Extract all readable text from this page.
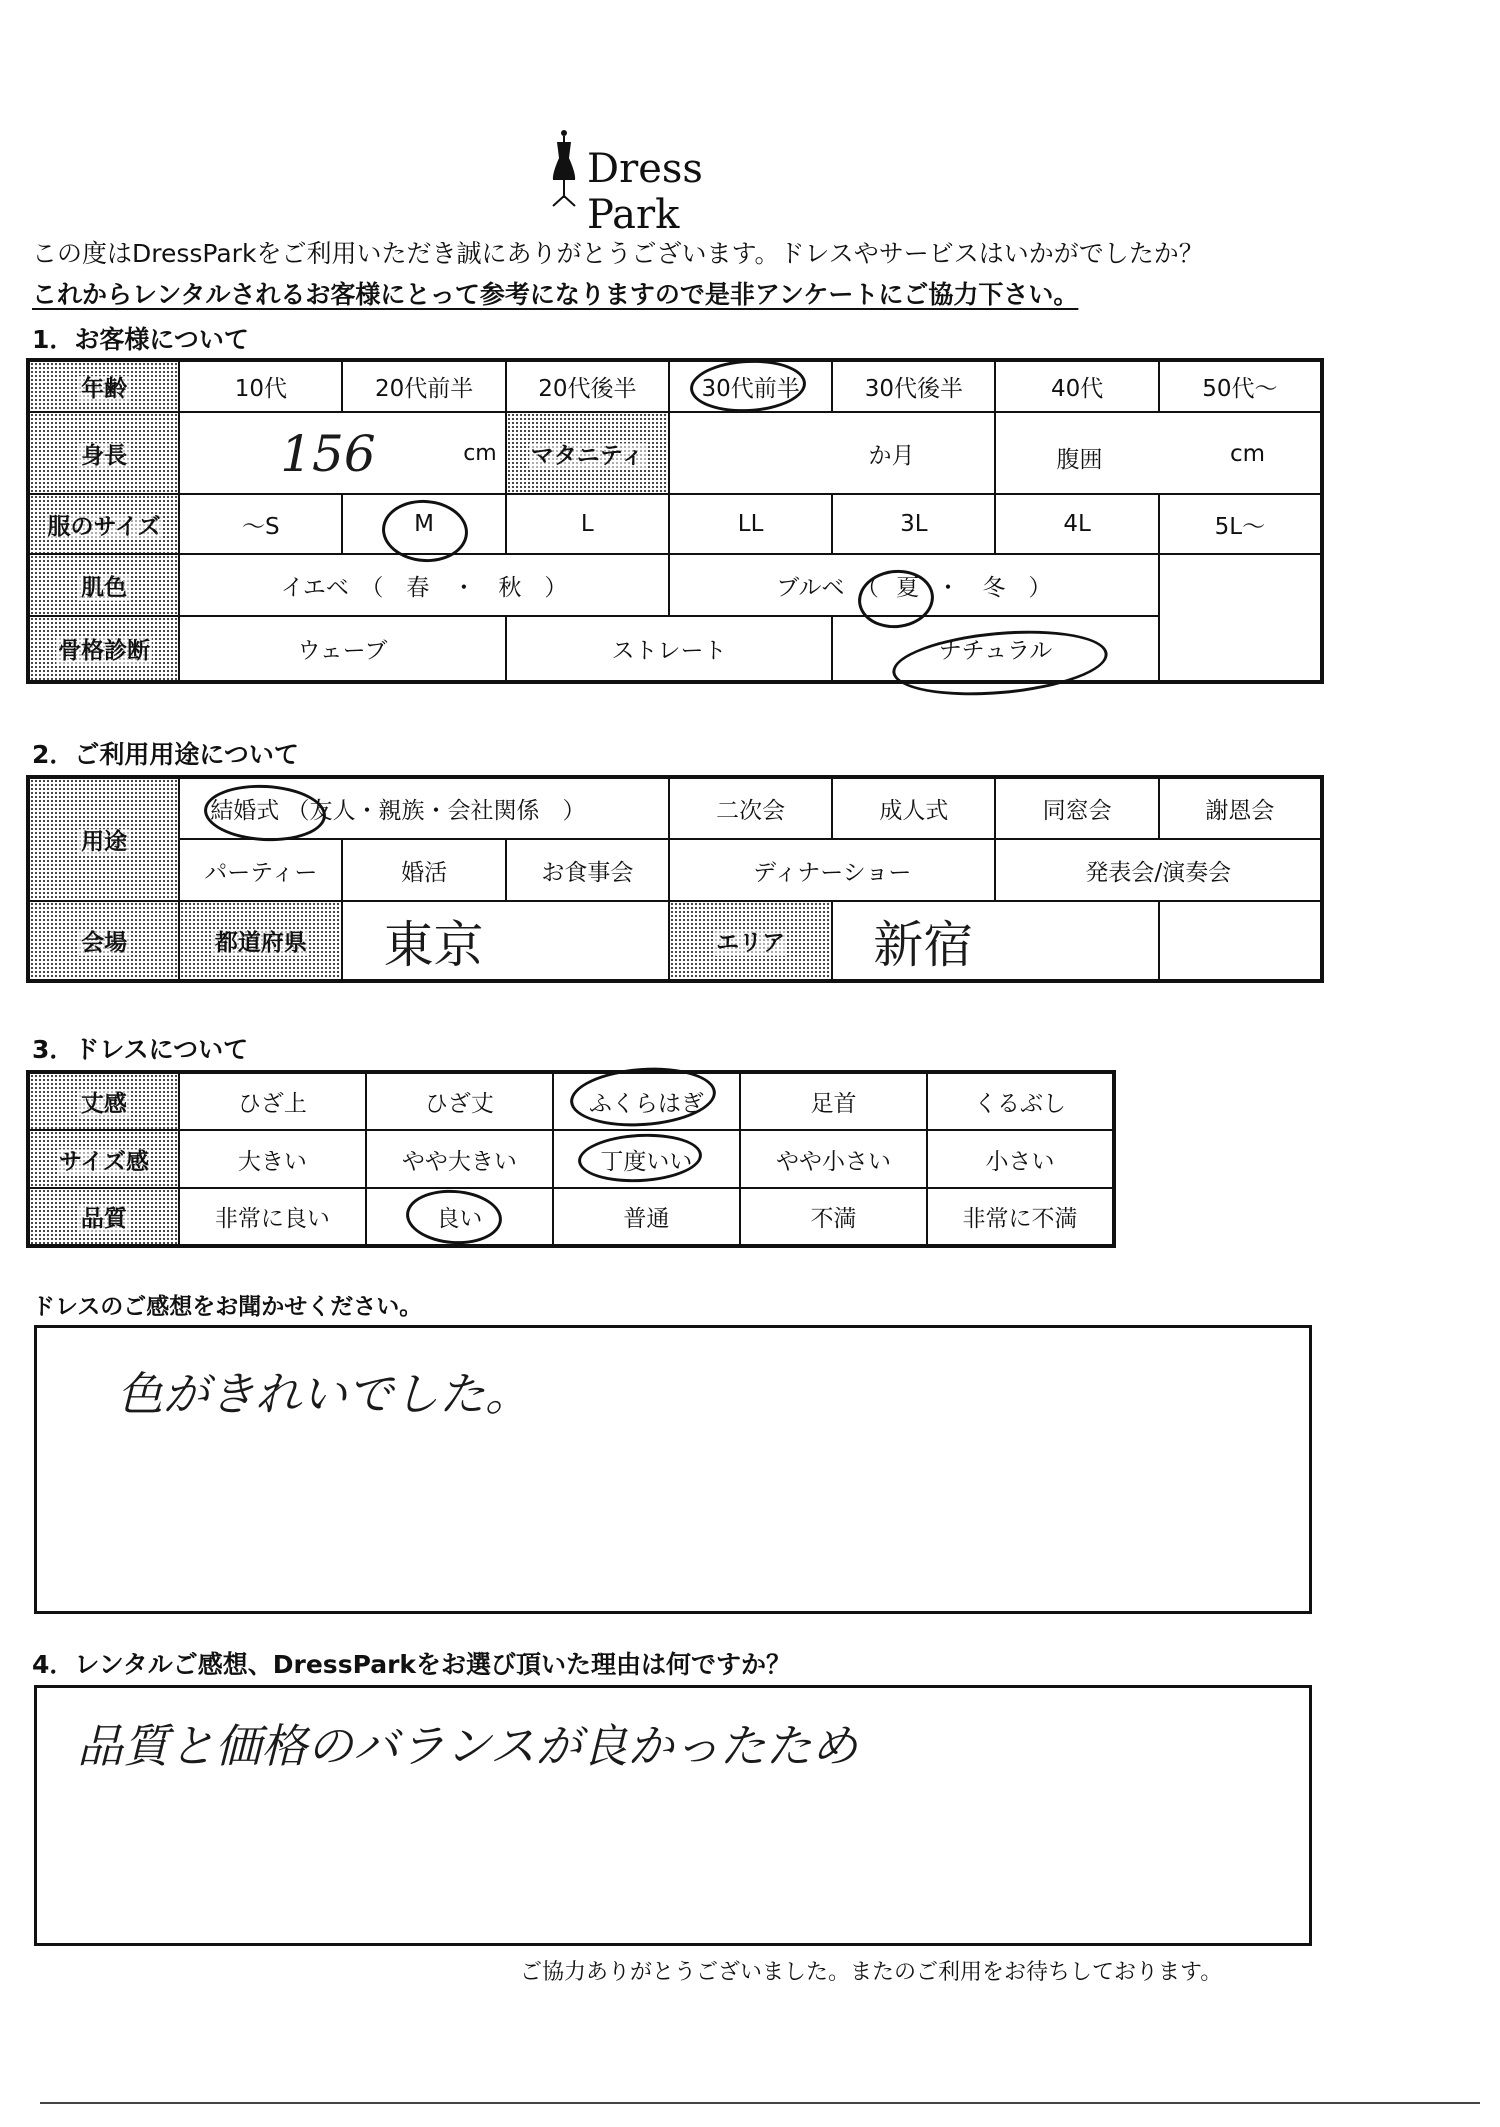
Dress Park
この度はDressParkをご利用いただき誠にありがとうございます。ドレスやサービスはいかがでしたか？
これからレンタルされるお客様にとって参考になりますので是非アンケートにご協力下さい。
1．お客様について
年齢	10代	20代前半	20代後半	30代前半	30代後半	40代	50代〜
身長	156 cm		マタニティ	か月		腹囲 cm	

服のサイズ	〜S	M	L	LL	3L	4L	5L〜
肌色	イエベ　（　春　・　秋　）			ブルベ　（ 夏 ・　冬　）			
骨格診断	ウェーブ		ストレート		ナチュラル		
2．ご利用用途について
用途	結婚式 （友人・親族・会社関係　）			二次会	成人式	同窓会	謝恩会
	パーティー	婚活	お食事会	ディナーショー		発表会/演奏会	
会場	都道府県	東京		エリア	新宿		
3．ドレスについて
丈感	ひざ上	ひざ丈	ふくらはぎ	足首	くるぶし
サイズ感	大きい	やや大きい	丁度いい	やや小さい	小さい
品質	非常に良い	良い	普通	不満	非常に不満
ドレスのご感想をお聞かせください。
色がきれいでした。
4．レンタルご感想、DressParkをお選び頂いた理由は何ですか？
品質と価格のバランスが良かったため
ご協力ありがとうございました。またのご利用をお待ちしております。
